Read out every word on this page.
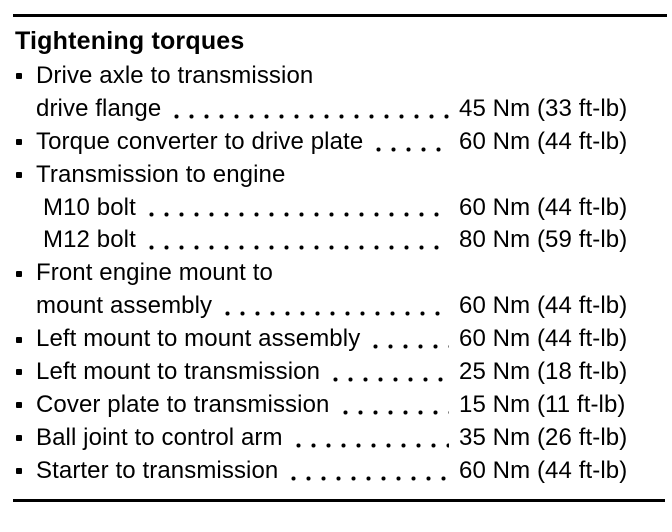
Tightening torques
Drive axle to transmission
drive flange	45 Nm (33 ft-lb)
Torque converter to drive plate	60 Nm (44 ft-lb)
Transmission to engine
M10 bolt	60 Nm (44 ft-lb)
M12 bolt	80 Nm (59 ft-lb)
Front engine mount to
mount assembly	60 Nm (44 ft-lb)
Left mount to mount assembly	60 Nm (44 ft-lb)
Left mount to transmission	25 Nm (18 ft-lb)
Cover plate to transmission	15 Nm (11 ft-lb)
Ball joint to control arm	35 Nm (26 ft-lb)
Starter to transmission	60 Nm (44 ft-lb)
